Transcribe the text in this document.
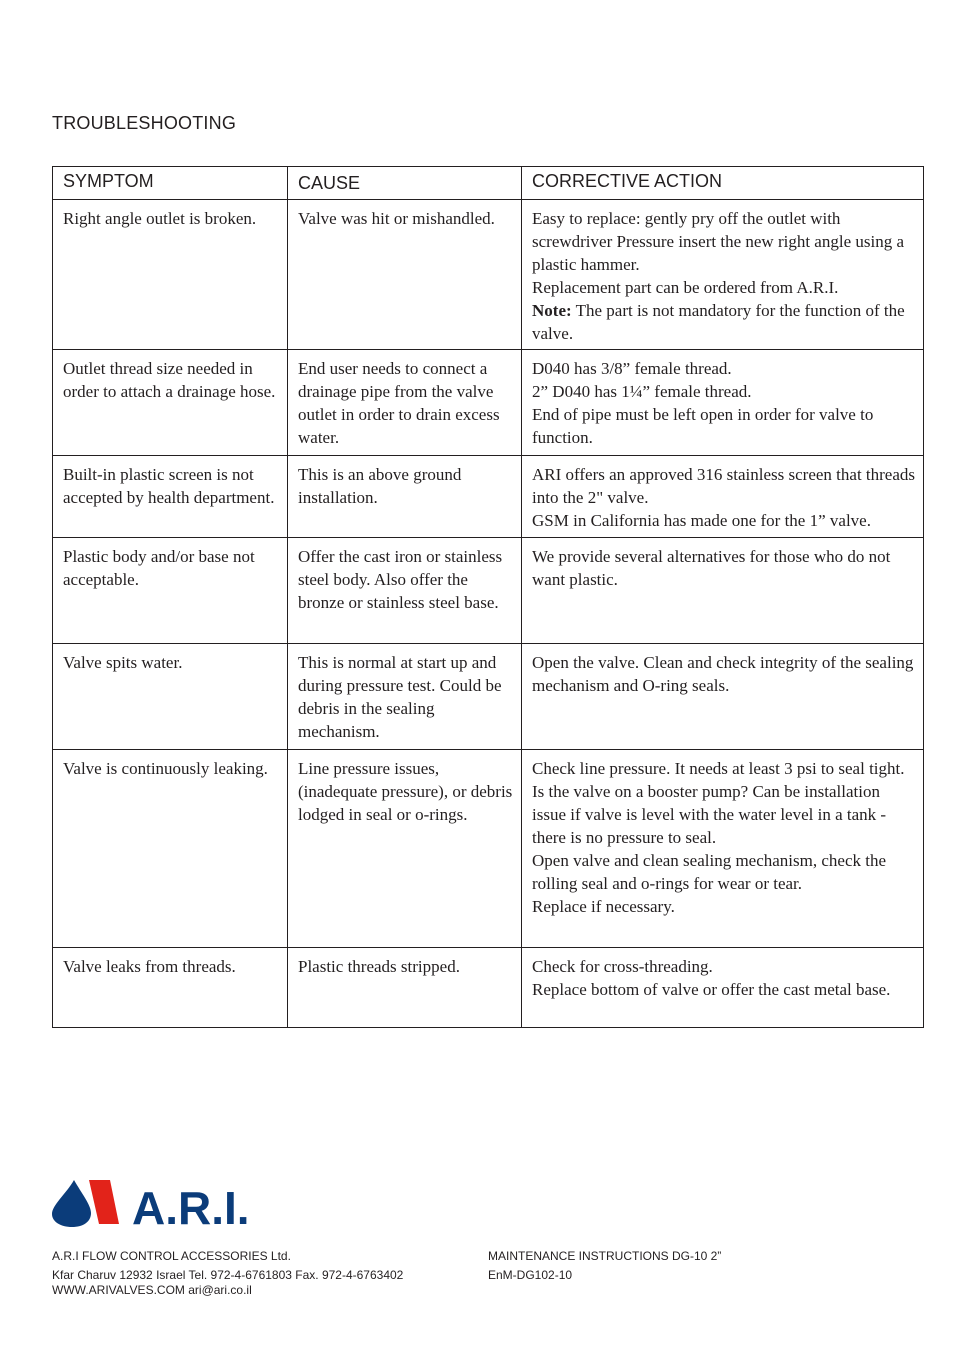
TROUBLESHOOTING
SYMPTOM	CAUSE	CORRECTIVE ACTION
Right angle outlet is broken.	Valve was hit or mishandled.	Easy to replace: gently pry off the outlet with screwdriver Pressure insert the new right angle using a plastic hammer.
Replacement part can be ordered from A.R.I.
Note: The part is not mandatory for the function of the valve.

Outlet thread size needed in order to attach a drainage hose.	End user needs to connect a drainage pipe from the valve outlet in order to drain excess water.	D040 has 3/8” female thread.
2” D040 has 1¼” female thread.
End of pipe must be left open in order for valve to function.

Built-in plastic screen is not accepted by health department.	This is an above ground installation.	ARI offers an approved 316 stainless screen that threads into the 2" valve.
GSM in California has made one for the 1” valve.

Plastic body and/or base not acceptable.	Offer the cast iron or stainless steel body. Also offer the bronze or stainless steel base.	We provide several alternatives for those who do not want plastic.

Valve spits water.	This is normal at start up and during pressure test. Could be debris in the sealing mechanism.	Open the valve. Clean and check integrity of the sealing mechanism and O-ring seals.

Valve is continuously leaking.	Line pressure issues, (inadequate pressure), or debris lodged in seal or o-rings.	Check line pressure. It needs at least 3 psi to seal tight.
Is the valve on a booster pump? Can be installation issue if valve is level with the water level in a tank - there is no pressure to seal.
Open valve and clean sealing mechanism, check the rolling seal and o-rings for wear or tear.
Replace if necessary.

Valve leaks from threads.	Plastic threads stripped.	Check for cross-threading.
Replace bottom of valve or offer the cast metal base.
A.R.I.
A.R.I FLOW CONTROL ACCESSORIES Ltd.
Kfar Charuv 12932 Israel Tel. 972-4-6761803 Fax. 972-4-6763402
WWW.ARIVALVES.COM ari@ari.co.il
MAINTENANCE INSTRUCTIONS DG-10 2”
EnM-DG102-10
